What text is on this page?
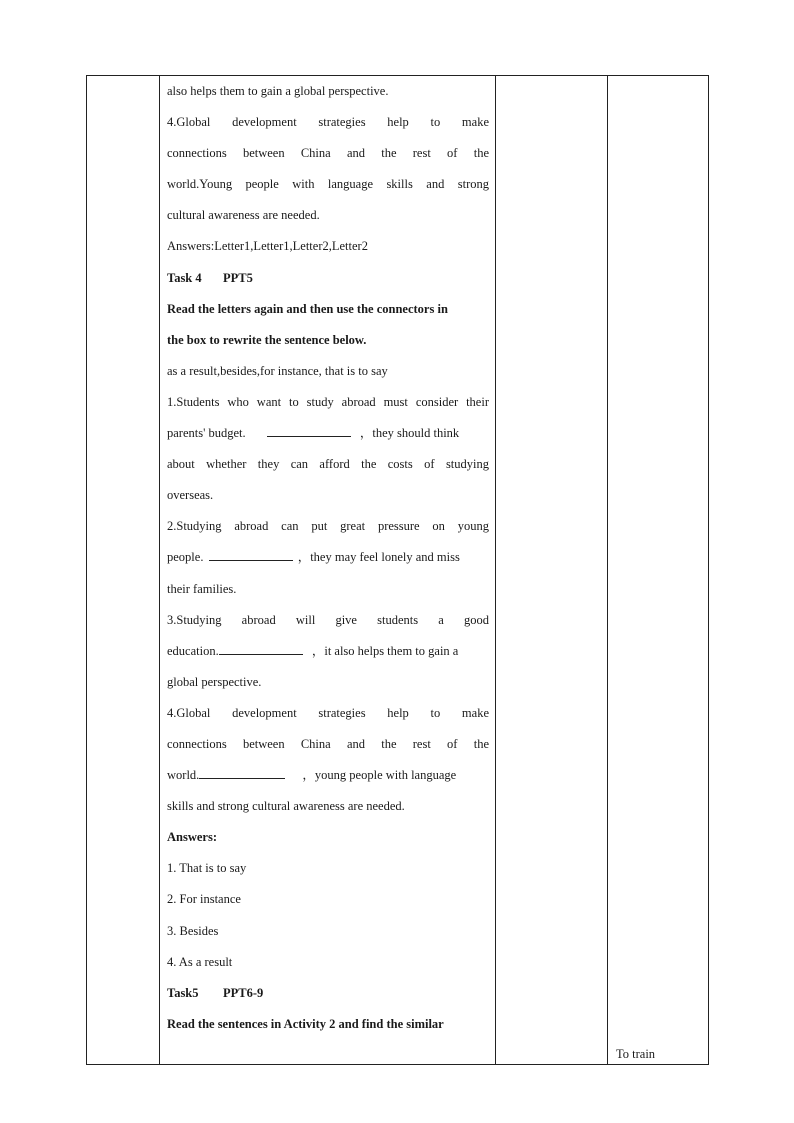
also helps them to gain a global perspective.
4.Global development strategies help to make
connections between China and the rest of the
world.Young people with language skills and strong
cultural awareness are needed.
Answers:Letter1,Letter1,Letter2,Letter2
Task 4 PPT5
Read the letters again and then use the connectors in
the box to rewrite the sentence below.
as a result,besides,for instance, that is to say
1.Students who want to study abroad must consider their
parents' budget.	，they should think
about whether they can afford the costs of studying
overseas.
2.Studying abroad can put great pressure on young
people.	，they may feel lonely and miss
their families.
3.Studying abroad will give students a good
education.	，it also helps them to gain a
global perspective.
4.Global development strategies help to make
connections between China and the rest of the
world.	，young people with language
skills and strong cultural awareness are needed.
Answers:
1. That is to say
2. For instance
3. Besides
4. As a result
Task5 PPT6-9
Read the sentences in Activity 2 and find the similar

To train
